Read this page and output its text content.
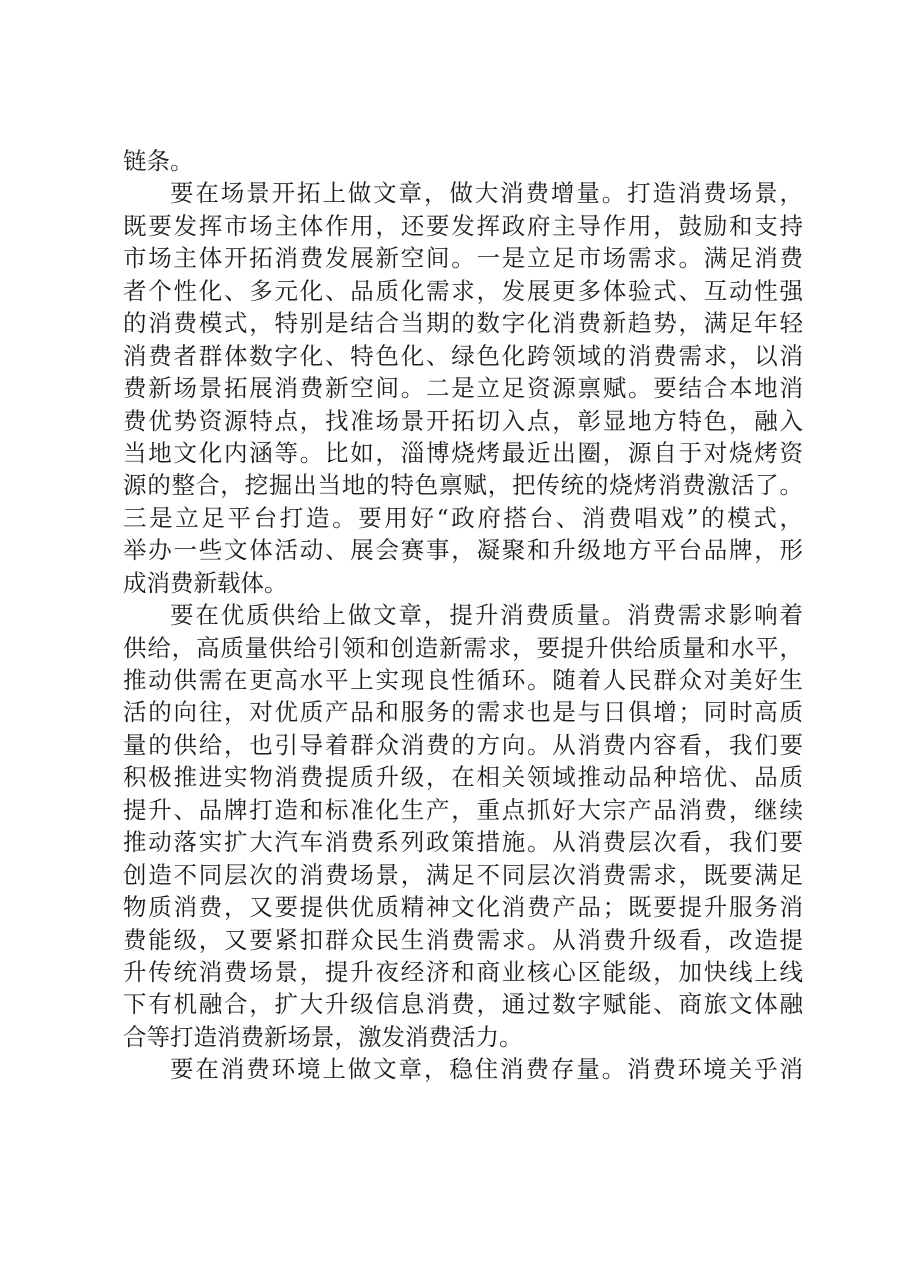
链条。
要在场景开拓上做文章，做大消费增量。打造消费场景，
既要发挥市场主体作用，还要发挥政府主导作用，鼓励和支持
市场主体开拓消费发展新空间。一是立足市场需求。满足消费
者个性化、多元化、品质化需求，发展更多体验式、互动性强
的消费模式，特别是结合当期的数字化消费新趋势，满足年轻
消费者群体数字化、特色化、绿色化跨领域的消费需求，以消
费新场景拓展消费新空间。二是立足资源禀赋。要结合本地消
费优势资源特点，找准场景开拓切入点，彰显地方特色，融入
当地文化内涵等。比如，淄博烧烤最近出圈，源自于对烧烤资
源的整合，挖掘出当地的特色禀赋，把传统的烧烤消费激活了。
三是立足平台打造。要用好“政府搭台、消费唱戏”的模式，
举办一些文体活动、展会赛事，凝聚和升级地方平台品牌，形
成消费新载体。
要在优质供给上做文章，提升消费质量。消费需求影响着
供给，高质量供给引领和创造新需求，要提升供给质量和水平，
推动供需在更高水平上实现良性循环。随着人民群众对美好生
活的向往，对优质产品和服务的需求也是与日俱增；同时高质
量的供给，也引导着群众消费的方向。从消费内容看，我们要
积极推进实物消费提质升级，在相关领域推动品种培优、品质
提升、品牌打造和标准化生产，重点抓好大宗产品消费，继续
推动落实扩大汽车消费系列政策措施。从消费层次看，我们要
创造不同层次的消费场景，满足不同层次消费需求，既要满足
物质消费，又要提供优质精神文化消费产品；既要提升服务消
费能级，又要紧扣群众民生消费需求。从消费升级看，改造提
升传统消费场景，提升夜经济和商业核心区能级，加快线上线
下有机融合，扩大升级信息消费，通过数字赋能、商旅文体融
合等打造消费新场景，激发消费活力。
要在消费环境上做文章，稳住消费存量。消费环境关乎消
